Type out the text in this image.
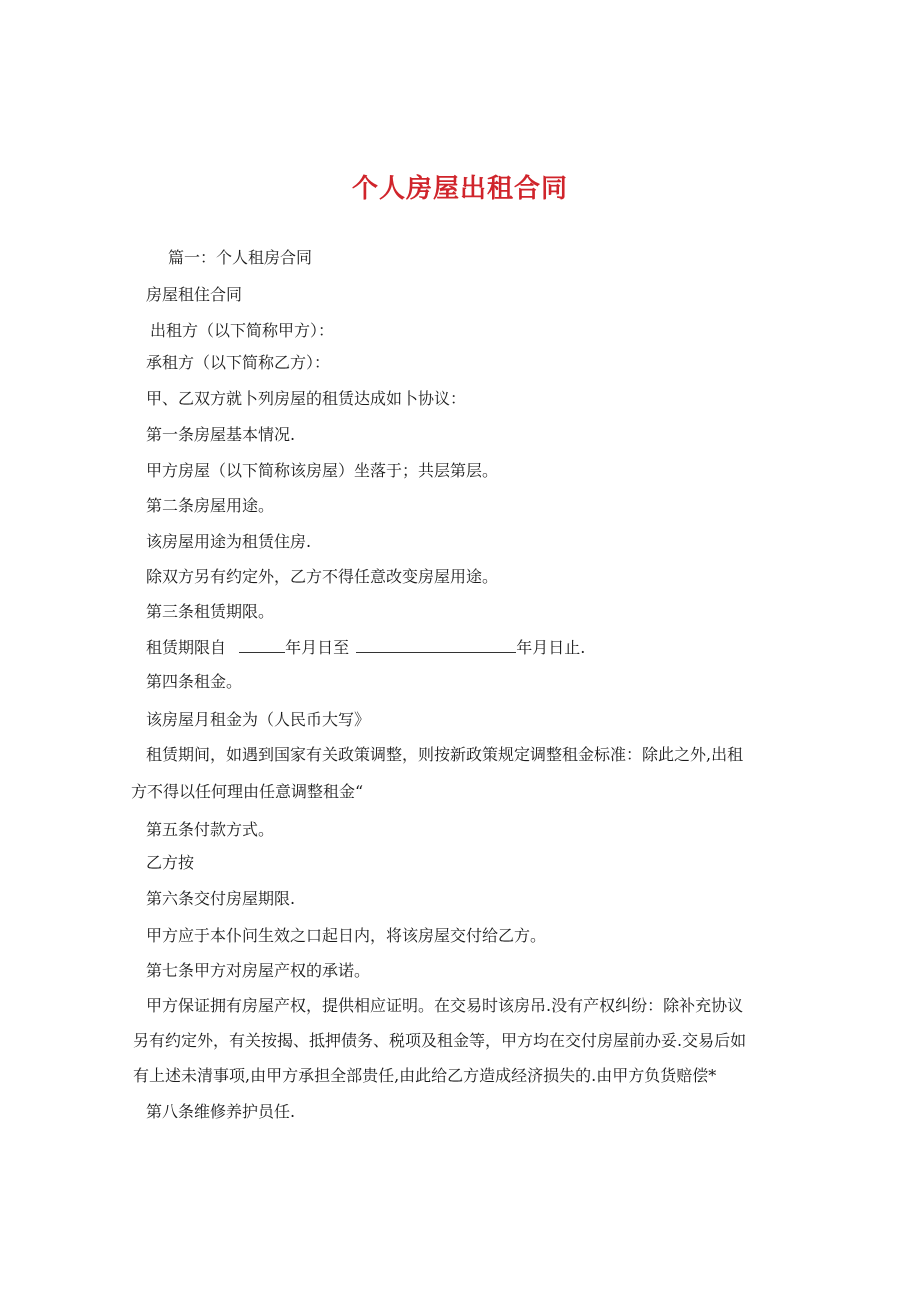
个人房屋出租合同

篇一：个人租房合同

房屋租住合同

出租方（以下简称甲方）：

承租方（以下简称乙方）：

甲、乙双方就卜列房屋的租赁达成如卜协议：

第一条房屋基本情况.

甲方房屋（以下简称该房屋）坐落于；共层第层。

第二条房屋用途。

该房屋用途为租赁住房.

除双方另有约定外，乙方不得任意改变房屋用途。

第三条租赁期限。

租赁期限自	年月日至	年月日止.

第四条租金。

该房屋月租金为（人民币大写》

租赁期间，如遇到国家有关政策调整，则按新政策规定调整租金标准：除此之外,出租

方不得以任何理由任意调整租金“

第五条付款方式。

乙方按

第六条交付房屋期限.

甲方应于本仆问生效之口起日内，将该房屋交付给乙方。

第七条甲方对房屋产权的承诺。

甲方保证拥有房屋产权，提供相应证明。在交易时该房吊.没有产权纠纷：除补充协议

另有约定外，有关按揭、抵押债务、税项及租金等，甲方均在交付房屋前办妥.交易后如

有上述未清事项,由甲方承担全部贵任,由此给乙方造成经济损失的.由甲方负货赔偿*

第八条维修养护员任.
